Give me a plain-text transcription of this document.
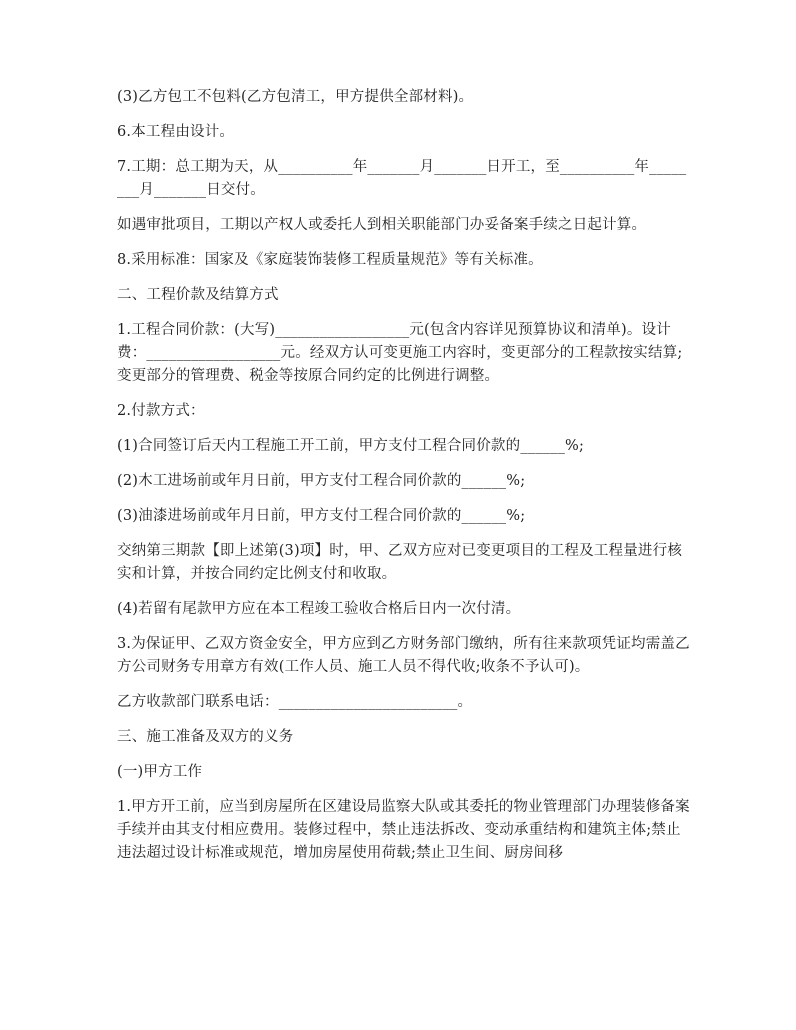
(3)乙方包工不包料(乙方包清工，甲方提供全部材料)。

6.本工程由设计。

7.工期：总工期为天，从__________年_______月_______日开工，至__________年________月_______日交付。

如遇审批项目，工期以产权人或委托人到相关职能部门办妥备案手续之日起计算。

8.采用标准：国家及《家庭装饰装修工程质量规范》等有关标准。

二、工程价款及结算方式

1.工程合同价款：(大写)__________________元(包含内容详见预算协议和清单)。设计费：__________________元。经双方认可变更施工内容时，变更部分的工程款按实结算;变更部分的管理费、税金等按原合同约定的比例进行调整。

2.付款方式：

(1)合同签订后天内工程施工开工前，甲方支付工程合同价款的______%;

(2)木工进场前或年月日前，甲方支付工程合同价款的______%;

(3)油漆进场前或年月日前，甲方支付工程合同价款的______%;

交纳第三期款【即上述第(3)项】时，甲、乙双方应对已变更项目的工程及工程量进行核实和计算，并按合同约定比例支付和收取。

(4)若留有尾款甲方应在本工程竣工验收合格后日内一次付清。

3.为保证甲、乙双方资金安全，甲方应到乙方财务部门缴纳，所有往来款项凭证均需盖乙方公司财务专用章方有效(工作人员、施工人员不得代收;收条不予认可)。

乙方收款部门联系电话：________________________。

三、施工准备及双方的义务

(一)甲方工作

1.甲方开工前，应当到房屋所在区建设局监察大队或其委托的物业管理部门办理装修备案手续并由其支付相应费用。装修过程中，禁止违法拆改、变动承重结构和建筑主体;禁止违法超过设计标准或规范，增加房屋使用荷载;禁止卫生间、厨房间移
